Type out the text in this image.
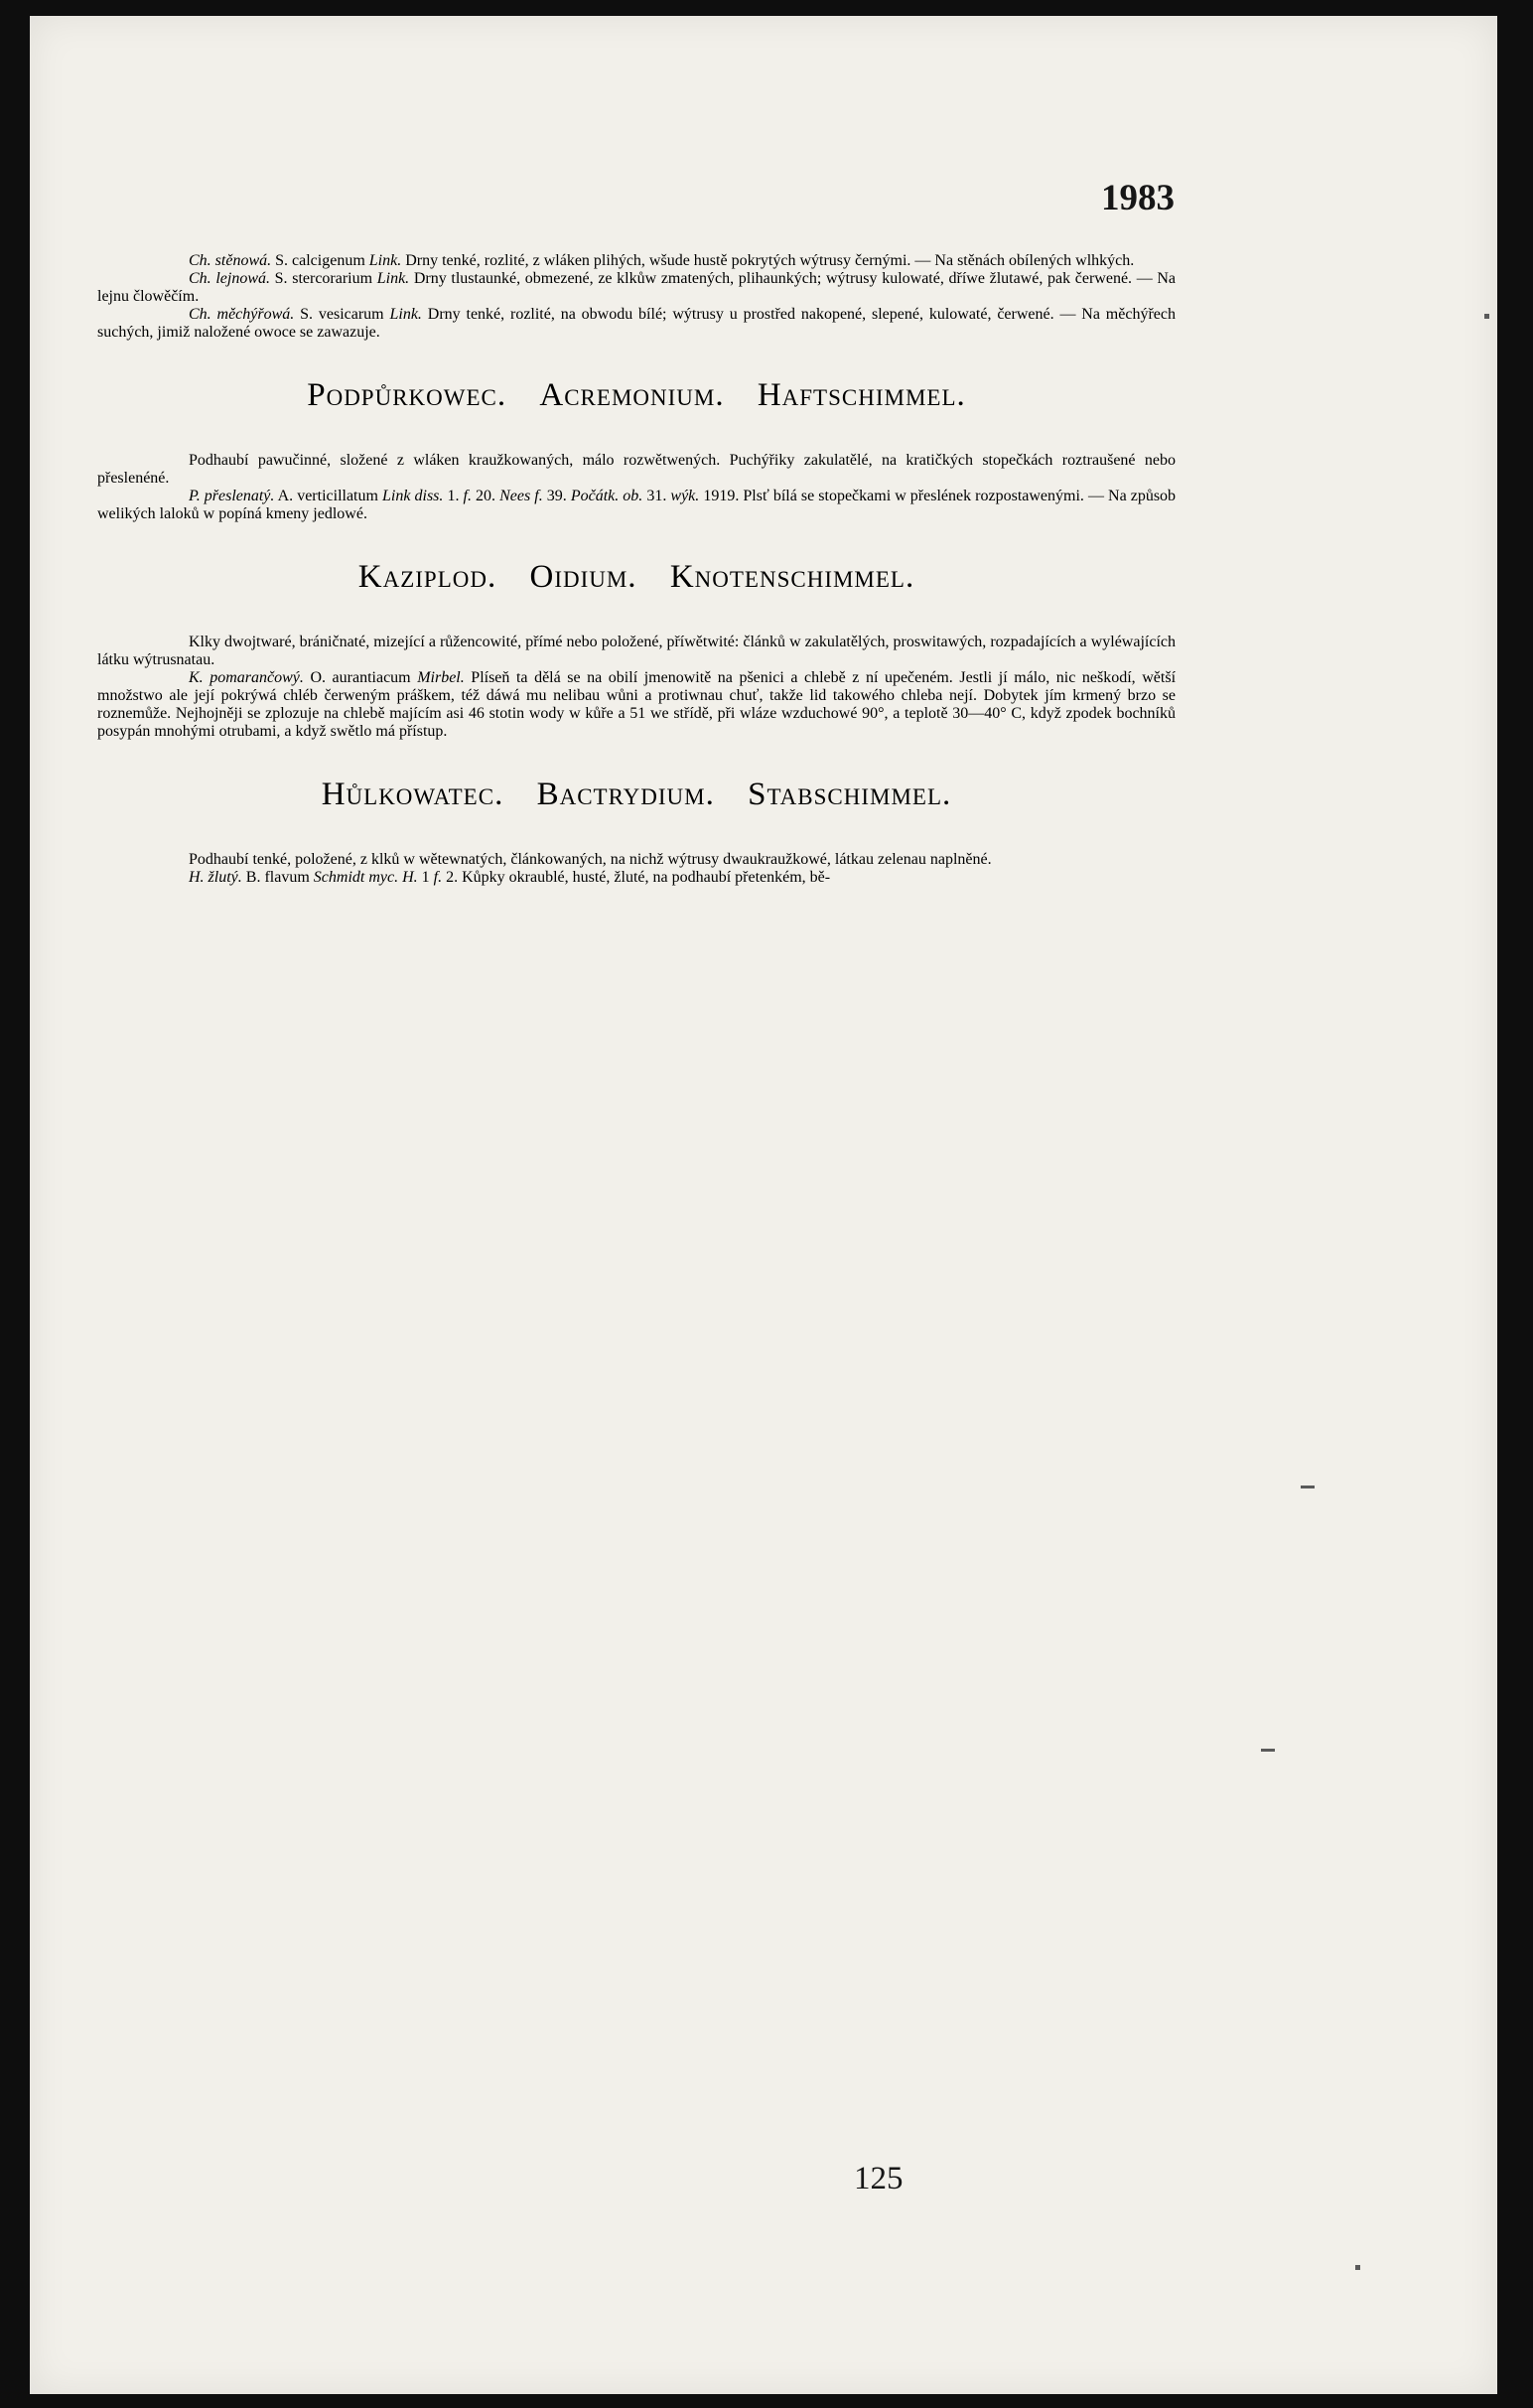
1983

Ch. stěnowá. S. calcigenum Link. Drny tenké, rozlité, z wláken plihých, wšude hustě pokrytých wýtrusy černými. — Na stěnách obílených wlhkých.

Ch. lejnowá. S. stercorarium Link. Drny tlustaunké, obmezené, ze klkůw zmatených, plihaunkých; wýtrusy kulowaté, dříwe žlutawé, pak čerwené. — Na lejnu člowěčím.

Ch. měchýřowá. S. vesicarum Link. Drny tenké, rozlité, na obwodu bílé; wýtrusy u prostřed nakopené, slepené, kulowaté, čerwené. — Na měchýřech suchých, jimiž naložené owoce se zawazuje.

Podpůrkowec. Acremonium. Haftschimmel.

Podhaubí pawučinné, složené z wláken kraužkowaných, málo rozwětwených. Puchýřiky zakulatělé, na kratičkých stopečkách roztraušené nebo přeslenéné.

P. přeslenatý. A. verticillatum Link diss. 1. f. 20. Nees f. 39. Počátk. ob. 31. wýk. 1919. Plsť bílá se stopečkami w přeslének rozpostawenými. — Na způsob welikých laloků w popíná kmeny jedlowé.

Kaziplod. Oidium. Knotenschimmel.

Klky dwojtwaré, bráničnaté, mizející a růžencowité, přímé nebo položené, příwětwité: článků w zakulatělých, proswitawých, rozpadajících a wyléwajících látku wýtrusnatau.

K. pomarančowý. O. aurantiacum Mirbel. Plíseň ta dělá se na obilí jmenowitě na pšenici a chlebě z ní upečeném. Jestli jí málo, nic neškodí, wětší množstwo ale její pokrýwá chléb čerweným práškem, též dáwá mu nelibau wůni a protiwnau chuť, takže lid takowého chleba nejí. Dobytek jím krmený brzo se roznemůže. Nejhojněji se zplozuje na chlebě majícím asi 46 stotin wody w kůře a 51 we střídě, při wláze wzduchowé 90°, a teplotě 30—40° C, když zpodek bochníků posypán mnohými otrubami, a když swětlo má přístup.

Hůlkowatec. Bactrydium. Stabschimmel.

Podhaubí tenké, položené, z klků w wětewnatých, článkowaných, na nichž wýtrusy dwaukraužkowé, látkau zelenau naplněné.

H. žlutý. B. flavum Schmidt myc. H. 1 f. 2. Kůpky okraublé, husté, žluté, na podhaubí přetenkém, bě-

125
